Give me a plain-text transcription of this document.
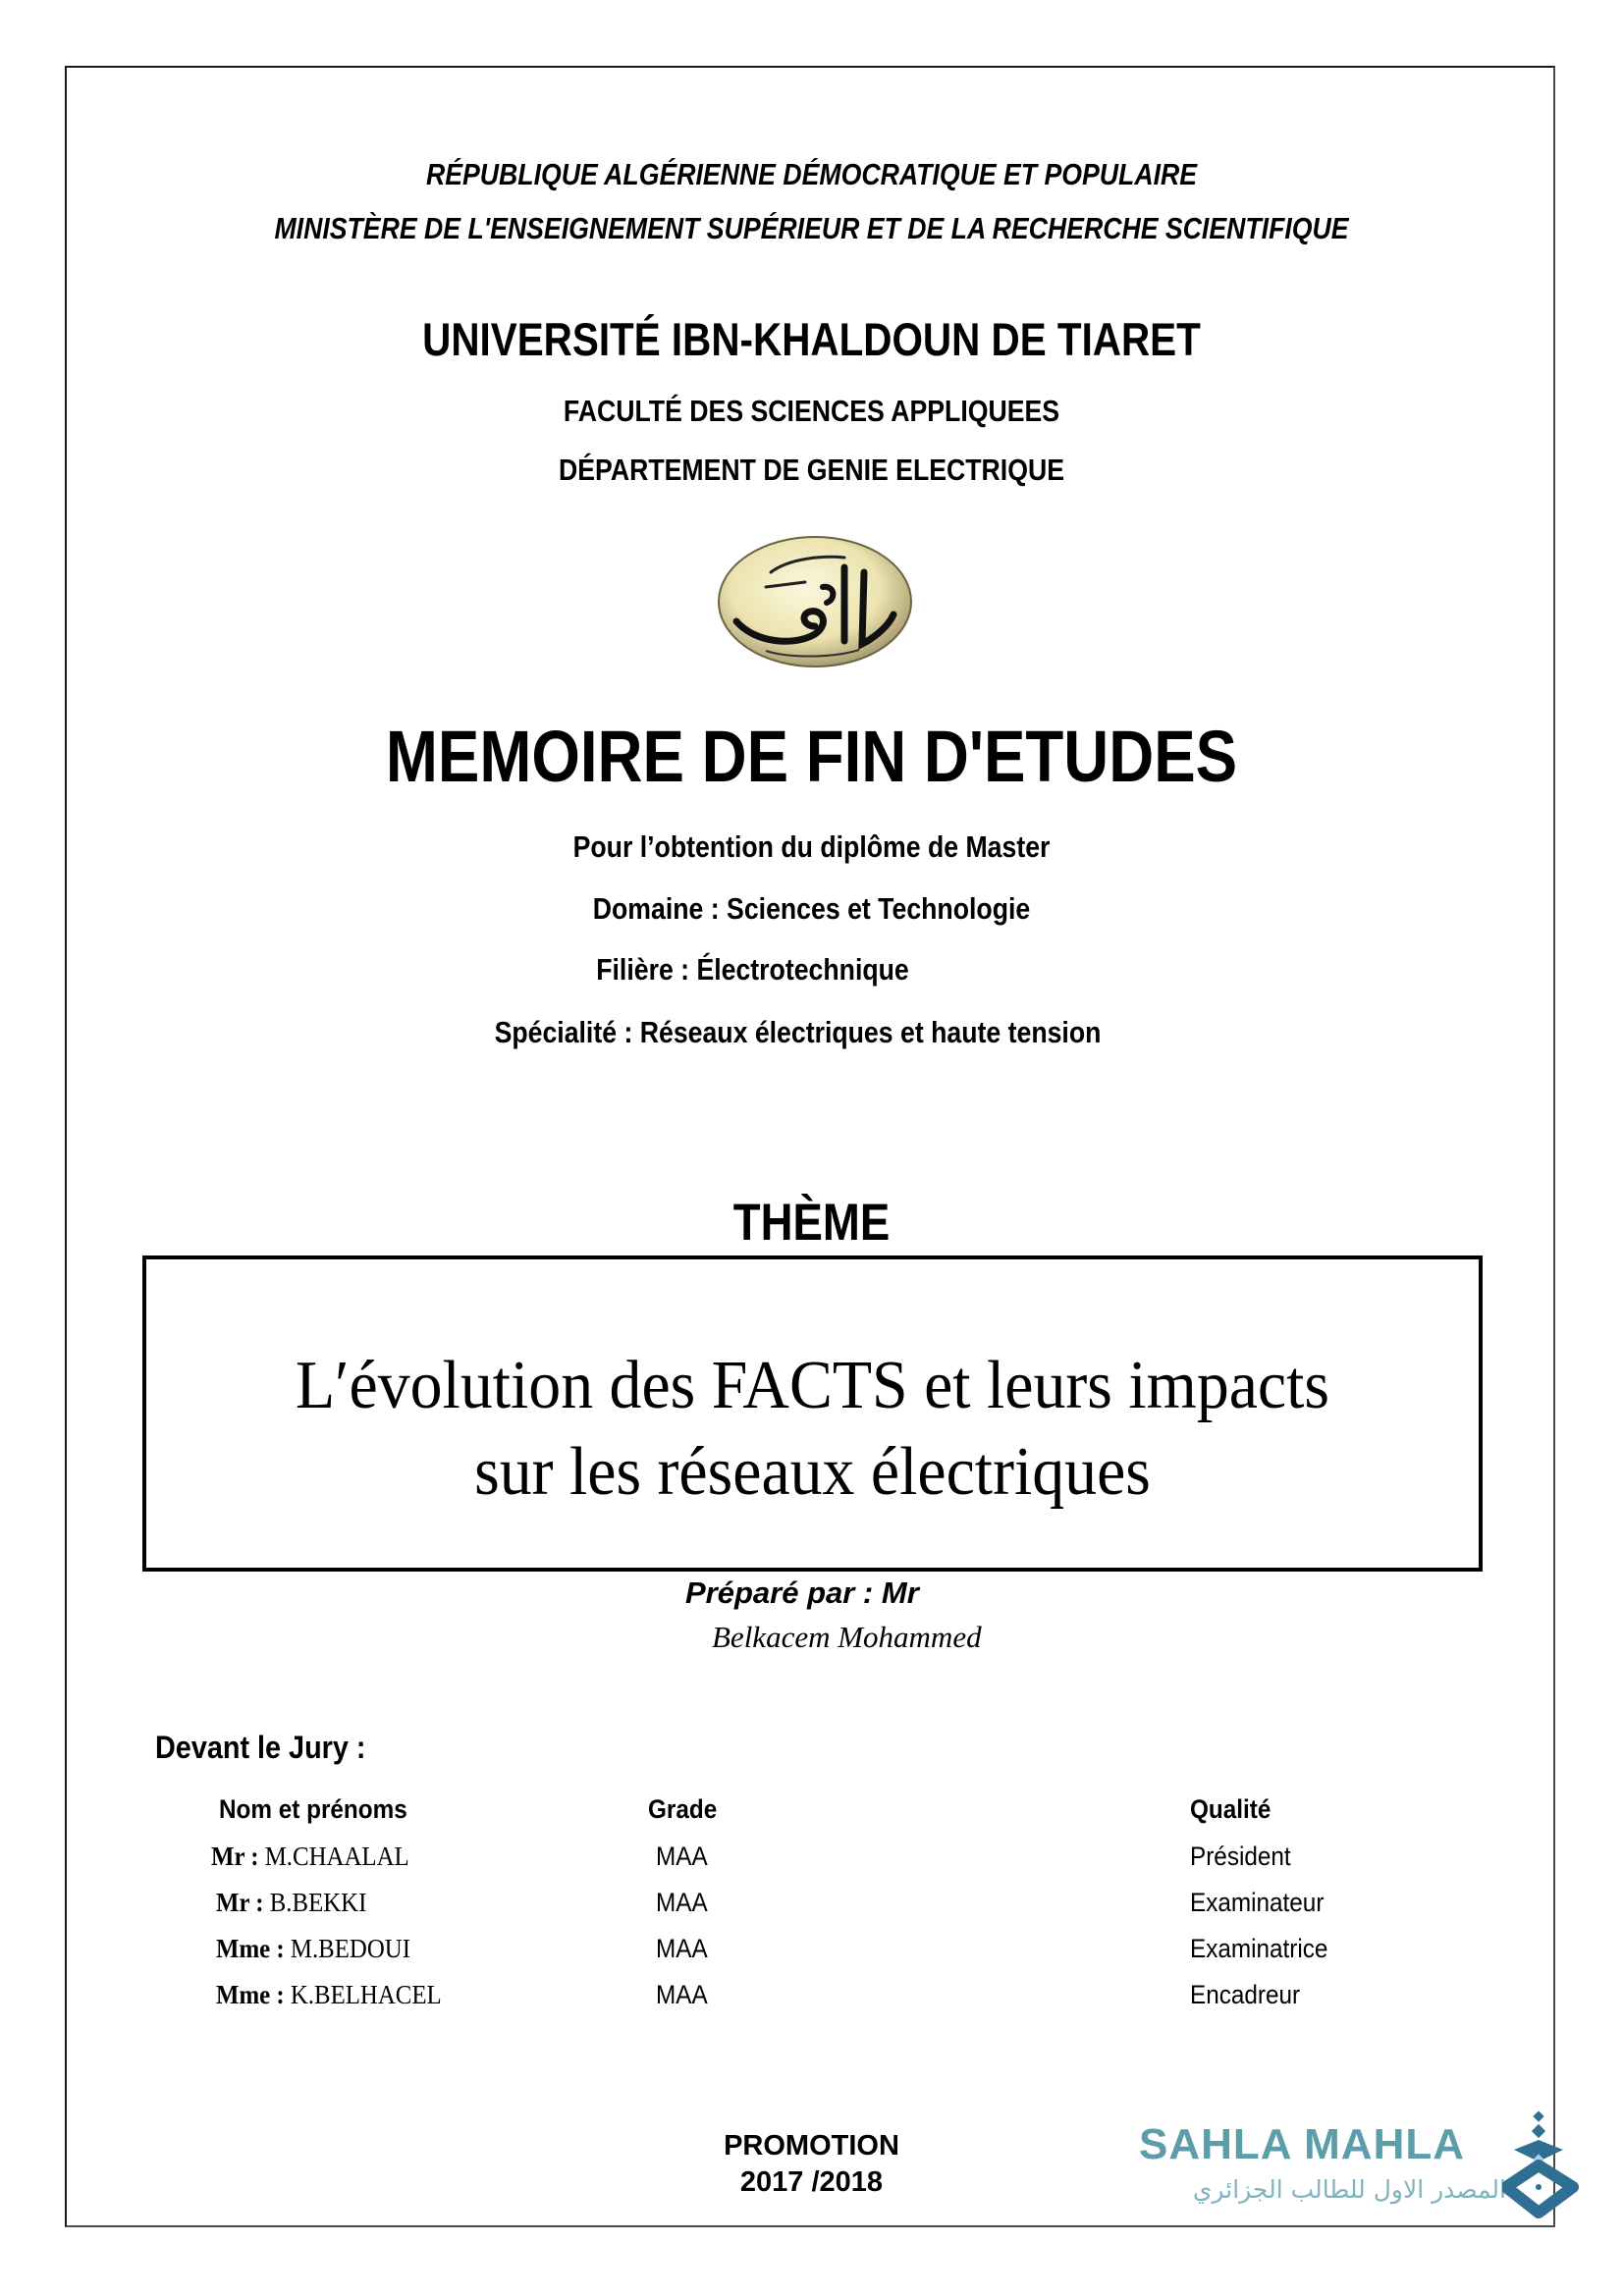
RÉPUBLIQUE ALGÉRIENNE DÉMOCRATIQUE ET POPULAIRE
MINISTÈRE DE L'ENSEIGNEMENT SUPÉRIEUR ET DE LA RECHERCHE SCIENTIFIQUE
UNIVERSITÉ IBN-KHALDOUN DE TIARET
FACULTÉ DES SCIENCES APPLIQUEES
DÉPARTEMENT DE GENIE ELECTRIQUE
MEMOIRE DE FIN D'ETUDES
Pour l’obtention du diplôme de Master
Domaine : Sciences et Technologie
Filière : Électrotechnique
Spécialité : Réseaux électriques et haute tension
THÈME
L′évolution des FACTS et leurs impacts
sur les réseaux électriques
Préparé par : Mr
Belkacem Mohammed
Devant le Jury :
Nom et prénoms	Grade	Qualité
Mr : M.CHAALAL	MAA	Président
Mr : B.BEKKI	MAA	Examinateur
Mme : M.BEDOUI	MAA	Examinatrice
Mme : K.BELHACEL	MAA	Encadreur
PROMOTION
2017 /2018
SAHLA MAHLA
المصدر الاول للطالب الجزائري
